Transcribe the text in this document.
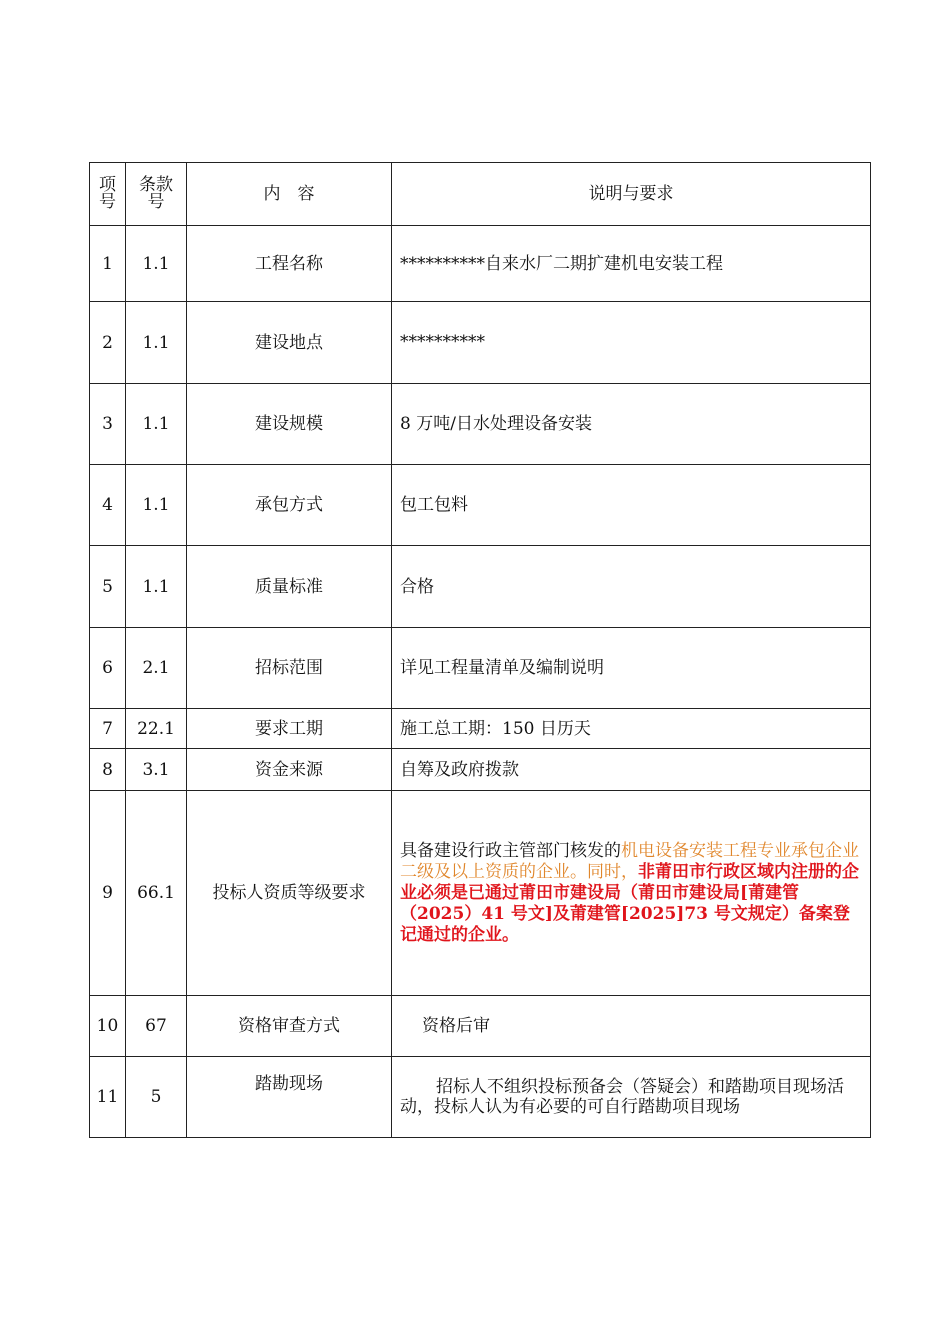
项号	条款号	内　容	说明与要求
1	1.1	工程名称	**********自来水厂二期扩建机电安装工程
2	1.1	建设地点	**********
3	1.1	建设规模	8 万吨/日水处理设备安装
4	1.1	承包方式	包工包料
5	1.1	质量标准	合格
6	2.1	招标范围	详见工程量清单及编制说明
7	22.1	要求工期	施工总工期：150 日历天
8	3.1	资金来源	自筹及政府拨款
9	66.1	投标人资质等级要求	具备建设行政主管部门核发的机电设备安装工程专业承包企业二级及以上资质的企业。同时，非莆田市行政区域内注册的企业必须是已通过莆田市建设局（莆田市建设局[莆建管（2025）41 号文]及莆建管[2025]73 号文规定）备案登记通过的企业。
10	67	资格审查方式	资格后审
11	5	踏勘现场	招标人不组织投标预备会（答疑会）和踏勘项目现场活动，投标人认为有必要的可自行踏勘项目现场
